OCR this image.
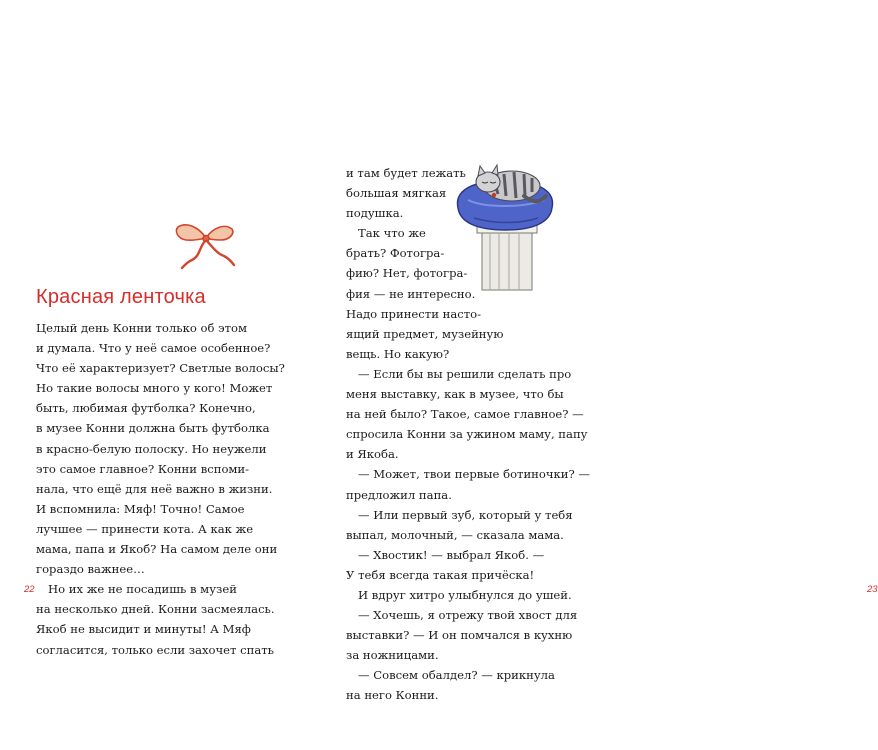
Красная ленточка
Целый день Конни только об этом
и думала. Что у неё самое особенное?
Что её характеризует? Светлые волосы?
Но такие волосы много у кого! Может
быть, любимая футболка? Конечно,
в музее Конни должна быть футболка
в красно-белую полоску. Но неужели
это самое главное? Конни вспоми-
нала, что ещё для неё важно в жизни.
И вспомнила: Мяф! Точно! Самое
лучшее — принести кота. А как же
мама, папа и Якоб? На самом деле они
гораздо важнее…
Но их же не посадишь в музей
на несколько дней. Конни засмеялась.
Якоб не высидит и минуты! А Мяф
согласится, только если захочет спать
22	23
и там будет лежать
большая мягкая
подушка.
Так что же
брать? Фотогра-
фию? Нет, фотогра-
фия — не интересно.
Надо принести насто-
ящий предмет, музейную
вещь. Но какую?
— Если бы вы решили сделать про
меня выставку, как в музее, что бы
на ней было? Такое, самое главное? —
спросила Конни за ужином маму, папу
и Якоба.
— Может, твои первые ботиночки? —
предложил папа.
— Или первый зуб, который у тебя
выпал, молочный, — сказала мама.
— Хвостик! — выбрал Якоб. —
У тебя всегда такая причёска!
И вдруг хитро улыбнулся до ушей.
— Хочешь, я отрежу твой хвост для
выставки? — И он помчался в кухню
за ножницами.
— Совсем обалдел? — крикнула
на него Конни.
